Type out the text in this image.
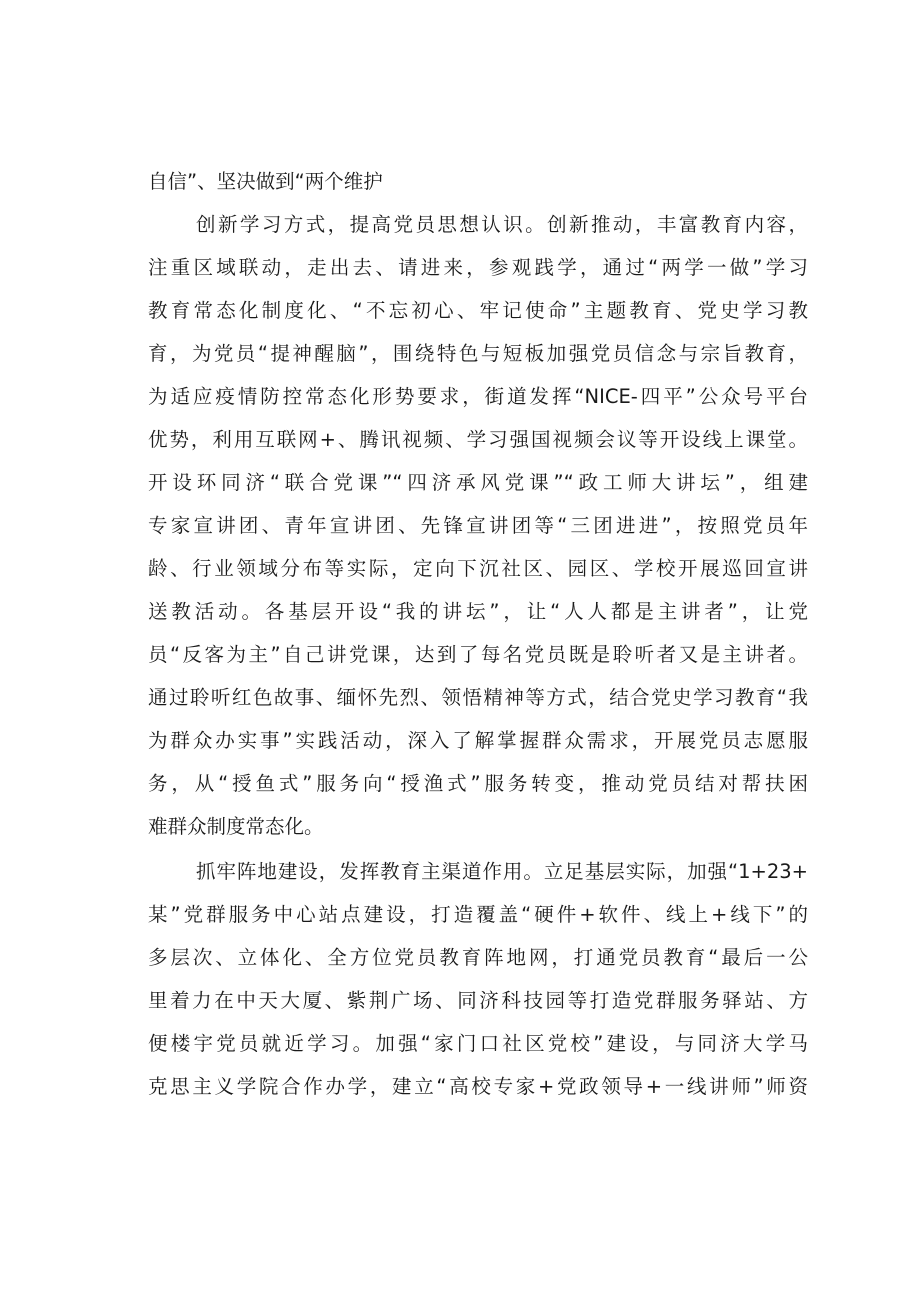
自信”、坚决做到“两个维护
创新学习方式，提高党员思想认识。创新推动，丰富教育内容，
注重区域联动，走出去、请进来，参观践学，通过“两学一做”学习
教育常态化制度化、“不忘初心、牢记使命”主题教育、党史学习教
育，为党员“提神醒脑”，围绕特色与短板加强党员信念与宗旨教育，
为适应疫情防控常态化形势要求，街道发挥“NICE-四平”公众号平台
优势，利用互联网+、腾讯视频、学习强国视频会议等开设线上课堂。
开设环同济“联合党课”“四济承风党课”“政工师大讲坛”，组建
专家宣讲团、青年宣讲团、先锋宣讲团等“三团进进”，按照党员年
龄、行业领域分布等实际，定向下沉社区、园区、学校开展巡回宣讲
送教活动。各基层开设“我的讲坛”，让“人人都是主讲者”，让党
员“反客为主”自己讲党课，达到了每名党员既是聆听者又是主讲者。
通过聆听红色故事、缅怀先烈、领悟精神等方式，结合党史学习教育“我
为群众办实事”实践活动，深入了解掌握群众需求，开展党员志愿服
务，从“授鱼式”服务向“授渔式”服务转变，推动党员结对帮扶困
难群众制度常态化。
抓牢阵地建设，发挥教育主渠道作用。立足基层实际，加强“1+23+
某”党群服务中心站点建设，打造覆盖“硬件+软件、线上+线下”的
多层次、立体化、全方位党员教育阵地网，打通党员教育“最后一公
里着力在中天大厦、紫荆广场、同济科技园等打造党群服务驿站、方
便楼宇党员就近学习。加强“家门口社区党校”建设，与同济大学马
克思主义学院合作办学，建立“高校专家+党政领导+一线讲师”师资
